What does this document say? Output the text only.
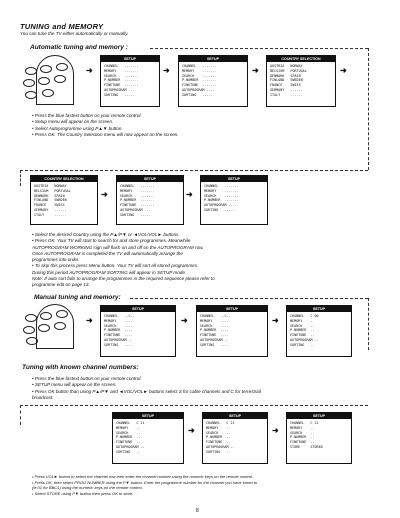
TUNING and MEMORY
You can tune the TV either automatically or manually.
Automatic tuning and memory :
➜
SETUP
CHANNEL   .......
MEMORY    .......
SEARCH    .......
P.NUMBER  .......
FINETUNE  .......
AUTOPROGRAM ....
SORTING   .....
➜
SETUP
CHANNEL   .......
MEMORY    .......
SEARCH    .......
P.NUMBER  .......
FINETUNE  .......
AUTOPROGRAM ....
SORTING   .....
➜
COUNTRY SELECTION
AUSTRIA   NORWAY
BELGIUM   PORTUGAL
DENMARK   SPAIN
FINLAND   SWEDEN
FRANCE    SWISS
GERMANY   ......
ITALY     ......
➜
• Press the blue fastext button on your remote control.
• Setup menu will appear on the screen.
• Select Autoprogramme using P▲▼ button.
• Press OK. The Country Selection menu will now appear on the screen.
COUNTRY SELECTION
AUSTRIA   NORWAY
BELGIUM   PORTUGAL
DENMARK   SPAIN
FINLAND   SWEDEN
FRANCE    SWISS
GERMANY   ......
ITALY     ......
➜
SETUP
CHANNEL   .......
MEMORY    .......
SEARCH    .......
P.NUMBER  .......
FINETUNE  .......
AUTOPROGRAM ....
SORTING   .....
➜
SETUP
CHANNEL   .......
MEMORY    .......
SEARCH    .......
P.NUMBER  .......
AUTOPROGRAM ....
SORTING   .....
• Select the desired Country using the P▲/P▼ or ◄VOL/VOL► buttons.
• Press OK. Your TV will start to search for and store programmes. Meanwhile
AUTOPROGRAM WORKING sign will flash on and off on the AUTOPROGRAM row.
Once AUTOPROGRAM is completed the TV will automatically arrange the
programmes into order.
• To skip this process press Menu button. Your TV will sort all stored programmes.
During this period AUTOPROGRAM SORTING will appear in SETUP mode.
Note: If auto sort fails to arrange the programmes in the required sequence please refer to
programme edit on page 13.
Manual tuning and memory:
➜
SETUP
CHANNEL   ..C..
MEMORY    ....
SEARCH    ....
P.NUMBER  ....
FINETUNE  ....
AUTOPROGRAM ..
SORTING   ....
➜
SETUP
CHANNEL   ..C..
MEMORY    ....
SEARCH    ....
P.NUMBER  ....
FINETUNE  ....
AUTOPROGRAM ..
SORTING   ....
➜
SETUP
CHANNEL   C 00
MEMORY    .
SEARCH    ..
P.NUMBER  ..
FINETUNE  ..
AUTOPROGRAM ..
SORTING   ..
Tuning with known channel numbers:
• Press the blue fastext button on your remote control.
• SETUP menu will appear on the screen.
• Press OK button than using P▲/P▼ and ◄VOL/VOL► buttons select S for cable channels and C for terrestrial
broadcast.
SETUP
CHANNEL   C 21
MEMORY    ..
SEARCH    ..
P.NUMBER  ..
FINETUNE  ..
AUTOPROGRAM ..
SORTING   ..
➜
SETUP
CHANNEL   C 21
MEMORY    ..
SEARCH    ..
P.NUMBER  ..
FINETUNE  ..
AUTOPROGRAM ..
SORTING   ..
➜
SETUP
CHANNEL   C 21
MEMORY    ..
SEARCH    ..
P.NUMBER  ..
FINETUNE  ..
STORE     STORED
• Press VOL► button to select the channel row then enter the channel number using the numeric keys on the remote control.
• Press OK, then select PROG NUMBER using the P▼ button. Enter the programme number for the channel you have tuned to
(ie 01 for BBC1) using the numeric keys on the remote control.
• Select STORE using P▼ button then press OK to store.
8
